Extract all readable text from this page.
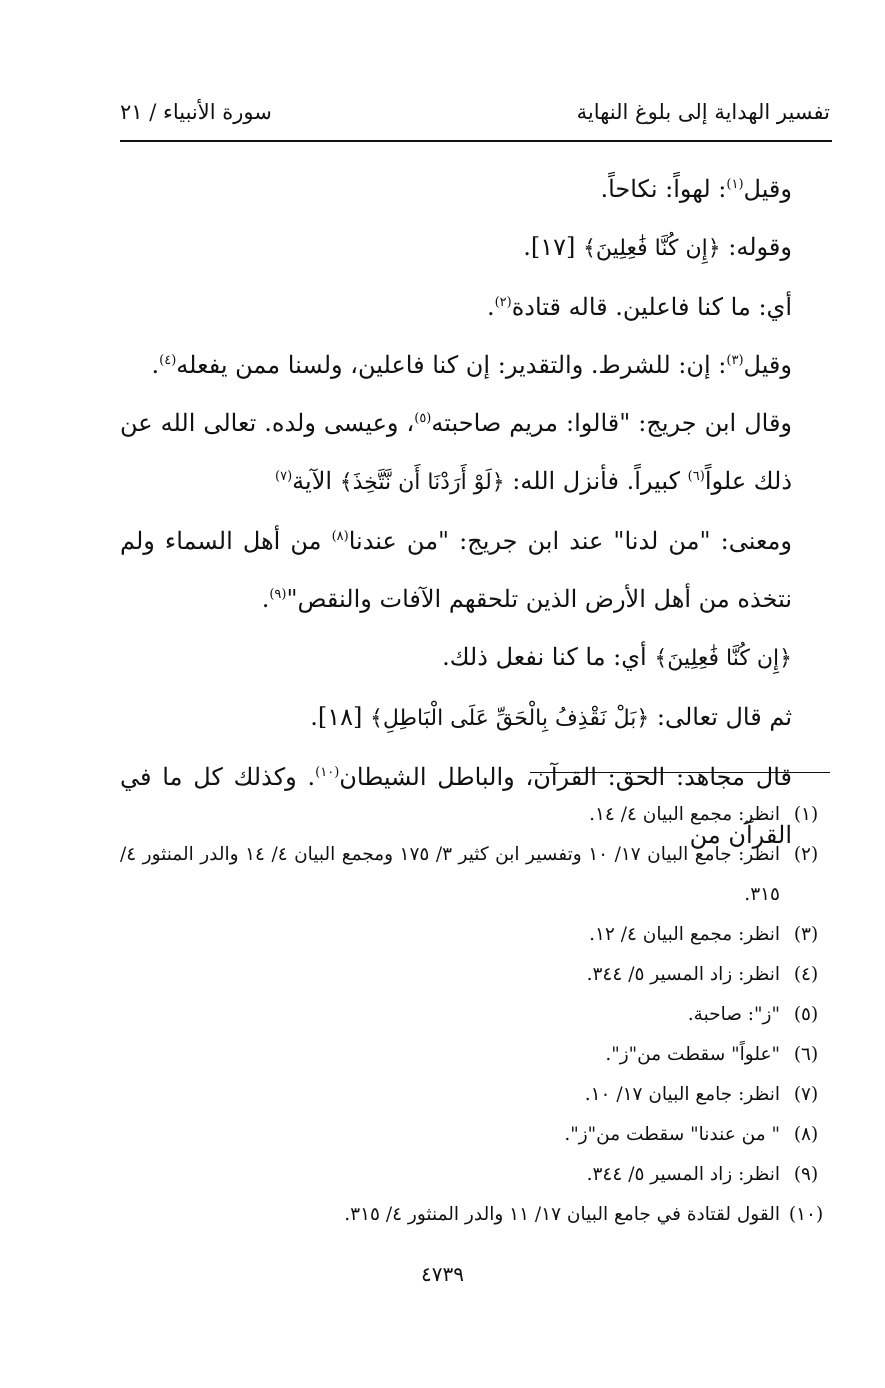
تفسير الهداية إلى بلوغ النهاية
سورة الأنبياء / ٢١

وقيل$^{(١)}$: لهواً: نكاحاً.

وقوله: ﴿إِن كُنَّا فَٰعِلِينَ﴾ [١٧].

أي: ما كنا فاعلين. قاله قتادة$^{(٢)}$.

وقيل$^{(٣)}$: إن: للشرط. والتقدير: إن كنا فاعلين، ولسنا ممن يفعله$^{(٤)}$.

وقال ابن جريج: "قالوا: مريم صاحبته$^{(٥)}$، وعيسى ولده. تعالى الله عن ذلك علواً$^{(٦)}$ كبيراً. فأنزل الله: ﴿لَوْ أَرَدْنَا أَن نَّتَّخِذَ﴾ الآية$^{(٧)}$

ومعنى: "من لدنا" عند ابن جريج: "من عندنا$^{(٨)}$ من أهل السماء ولم نتخذه من أهل الأرض الذين تلحقهم الآفات والنقص"$^{(٩)}$.

﴿إِن كُنَّا فَٰعِلِينَ﴾ أي: ما كنا نفعل ذلك.

ثم قال تعالى: ﴿بَلْ نَقْذِفُ بِالْحَقِّ عَلَى الْبَاطِلِ﴾ [١٨].

قال مجاهد: الحق: القرآن، والباطل الشيطان$^{(١٠)}$. وكذلك كل ما في القرآن من

(١)
انظر: مجمع البيان ٤/ ١٤.
(٢)
انظر: جامع البيان ١٧/ ١٠ وتفسير ابن كثير ٣/ ١٧٥ ومجمع البيان ٤/ ١٤ والدر المنثور ٤/ ٣١٥.
(٣)
انظر: مجمع البيان ٤/ ١٢.
(٤)
انظر: زاد المسير ٥/ ٣٤٤.
(٥)
"ز": صاحبة.
(٦)
"علواً" سقطت من"ز".
(٧)
انظر: جامع البيان ١٧/ ١٠.
(٨)
" من عندنا" سقطت من"ز".
(٩)
انظر: زاد المسير ٥/ ٣٤٤.
(١٠)
القول لقتادة في جامع البيان ١٧/ ١١ والدر المنثور ٤/ ٣١٥.
٤٧٣٩
